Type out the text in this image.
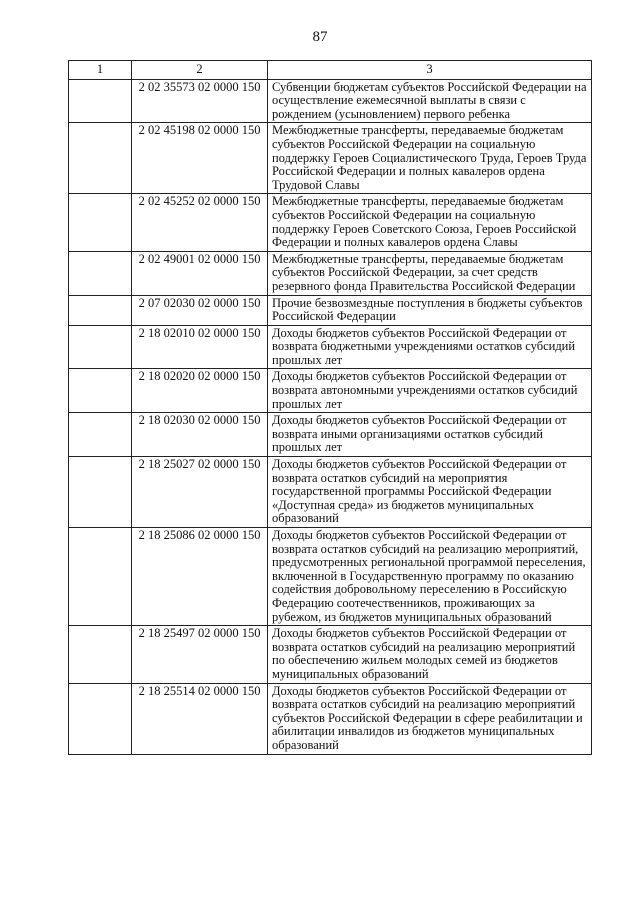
87
1	2	3
	2 02 35573 02 0000 150	Субвенции бюджетам субъектов Российской Федерации на осуществление ежемесячной выплаты в связи с рождением (усыновлением) первого ребенка
	2 02 45198 02 0000 150	Межбюджетные трансферты, передаваемые бюджетам субъектов Российской Федерации на социальную поддержку Героев Социалистического Труда, Героев Труда Российской Федерации и полных кавалеров ордена Трудовой Славы
	2 02 45252 02 0000 150	Межбюджетные трансферты, передаваемые бюджетам субъектов Российской Федерации на социальную поддержку Героев Советского Союза, Героев Российской Федерации и полных кавалеров ордена Славы
	2 02 49001 02 0000 150	Межбюджетные трансферты, передаваемые бюджетам субъектов Российской Федерации, за счет средств резервного фонда Правительства Российской Федерации
	2 07 02030 02 0000 150	Прочие безвозмездные поступления в бюджеты субъектов Российской Федерации
	2 18 02010 02 0000 150	Доходы бюджетов субъектов Российской Федерации от возврата бюджетными учреждениями остатков субсидий прошлых лет
	2 18 02020 02 0000 150	Доходы бюджетов субъектов Российской Федерации от возврата автономными учреждениями остатков субсидий прошлых лет
	2 18 02030 02 0000 150	Доходы бюджетов субъектов Российской Федерации от возврата иными организациями остатков субсидий прошлых лет
	2 18 25027 02 0000 150	Доходы бюджетов субъектов Российской Федерации от возврата остатков субсидий на мероприятия государственной программы Российской Федерации «Доступная среда» из бюджетов муниципальных образований
	2 18 25086 02 0000 150	Доходы бюджетов субъектов Российской Федерации от возврата остатков субсидий на реализацию мероприятий, предусмотренных региональной программой переселения, включенной в Государственную программу по оказанию содействия добровольному переселению в Российскую Федерацию соотечественников, проживающих за рубежом, из бюджетов муниципальных образований
	2 18 25497 02 0000 150	Доходы бюджетов субъектов Российской Федерации от возврата остатков субсидий на реализацию мероприятий по обеспечению жильем молодых семей из бюджетов муниципальных образований
	2 18 25514 02 0000 150	Доходы бюджетов субъектов Российской Федерации от возврата остатков субсидий на реализацию мероприятий субъектов Российской Федерации в сфере реабилитации и абилитации инвалидов из бюджетов муниципальных образований
